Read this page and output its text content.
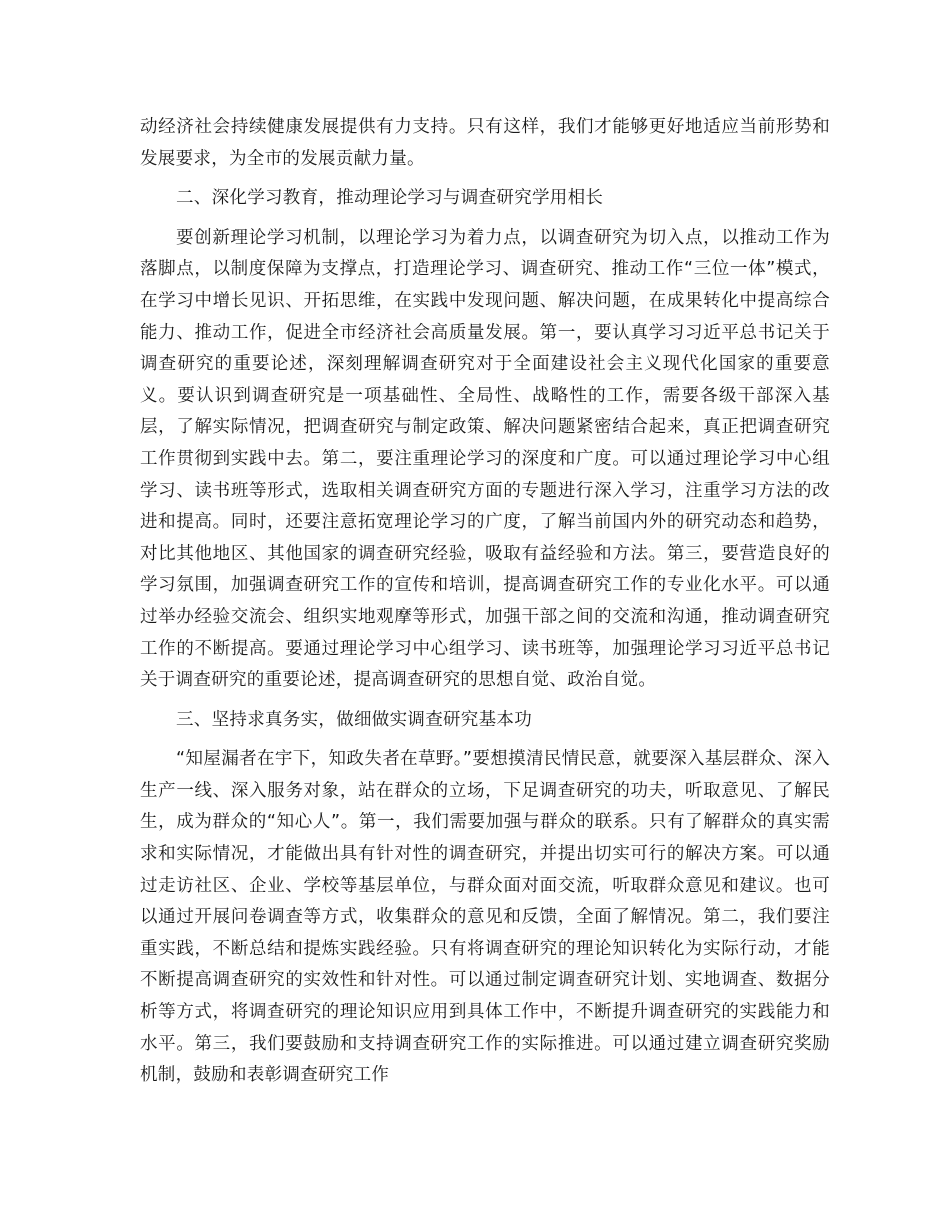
动经济社会持续健康发展提供有力支持。只有这样，我们才能够更好地适应当前形势和发展要求，为全市的发展贡献力量。

二、深化学习教育，推动理论学习与调查研究学用相长

要创新理论学习机制，以理论学习为着力点，以调查研究为切入点，以推动工作为落脚点，以制度保障为支撑点，打造理论学习、调查研究、推动工作“三位一体”模式，在学习中增长见识、开拓思维，在实践中发现问题、解决问题，在成果转化中提高综合能力、推动工作，促进全市经济社会高质量发展。第一，要认真学习习近平总书记关于调查研究的重要论述，深刻理解调查研究对于全面建设社会主义现代化国家的重要意义。要认识到调查研究是一项基础性、全局性、战略性的工作，需要各级干部深入基层，了解实际情况，把调查研究与制定政策、解决问题紧密结合起来，真正把调查研究工作贯彻到实践中去。第二，要注重理论学习的深度和广度。可以通过理论学习中心组学习、读书班等形式，选取相关调查研究方面的专题进行深入学习，注重学习方法的改进和提高。同时，还要注意拓宽理论学习的广度，了解当前国内外的研究动态和趋势，对比其他地区、其他国家的调查研究经验，吸取有益经验和方法。第三，要营造良好的学习氛围，加强调查研究工作的宣传和培训，提高调查研究工作的专业化水平。可以通过举办经验交流会、组织实地观摩等形式，加强干部之间的交流和沟通，推动调查研究工作的不断提高。要通过理论学习中心组学习、读书班等，加强理论学习习近平总书记关于调查研究的重要论述，提高调查研究的思想自觉、政治自觉。

三、坚持求真务实，做细做实调查研究基本功

“知屋漏者在宇下，知政失者在草野。”要想摸清民情民意，就要深入基层群众、深入生产一线、深入服务对象，站在群众的立场，下足调查研究的功夫，听取意见、了解民生，成为群众的“知心人”。第一，我们需要加强与群众的联系。只有了解群众的真实需求和实际情况，才能做出具有针对性的调查研究，并提出切实可行的解决方案。可以通过走访社区、企业、学校等基层单位，与群众面对面交流，听取群众意见和建议。也可以通过开展问卷调查等方式，收集群众的意见和反馈，全面了解情况。第二，我们要注重实践，不断总结和提炼实践经验。只有将调查研究的理论知识转化为实际行动，才能不断提高调查研究的实效性和针对性。可以通过制定调查研究计划、实地调查、数据分析等方式，将调查研究的理论知识应用到具体工作中，不断提升调查研究的实践能力和水平。第三，我们要鼓励和支持调查研究工作的实际推进。可以通过建立调查研究奖励机制，鼓励和表彰调查研究工作
